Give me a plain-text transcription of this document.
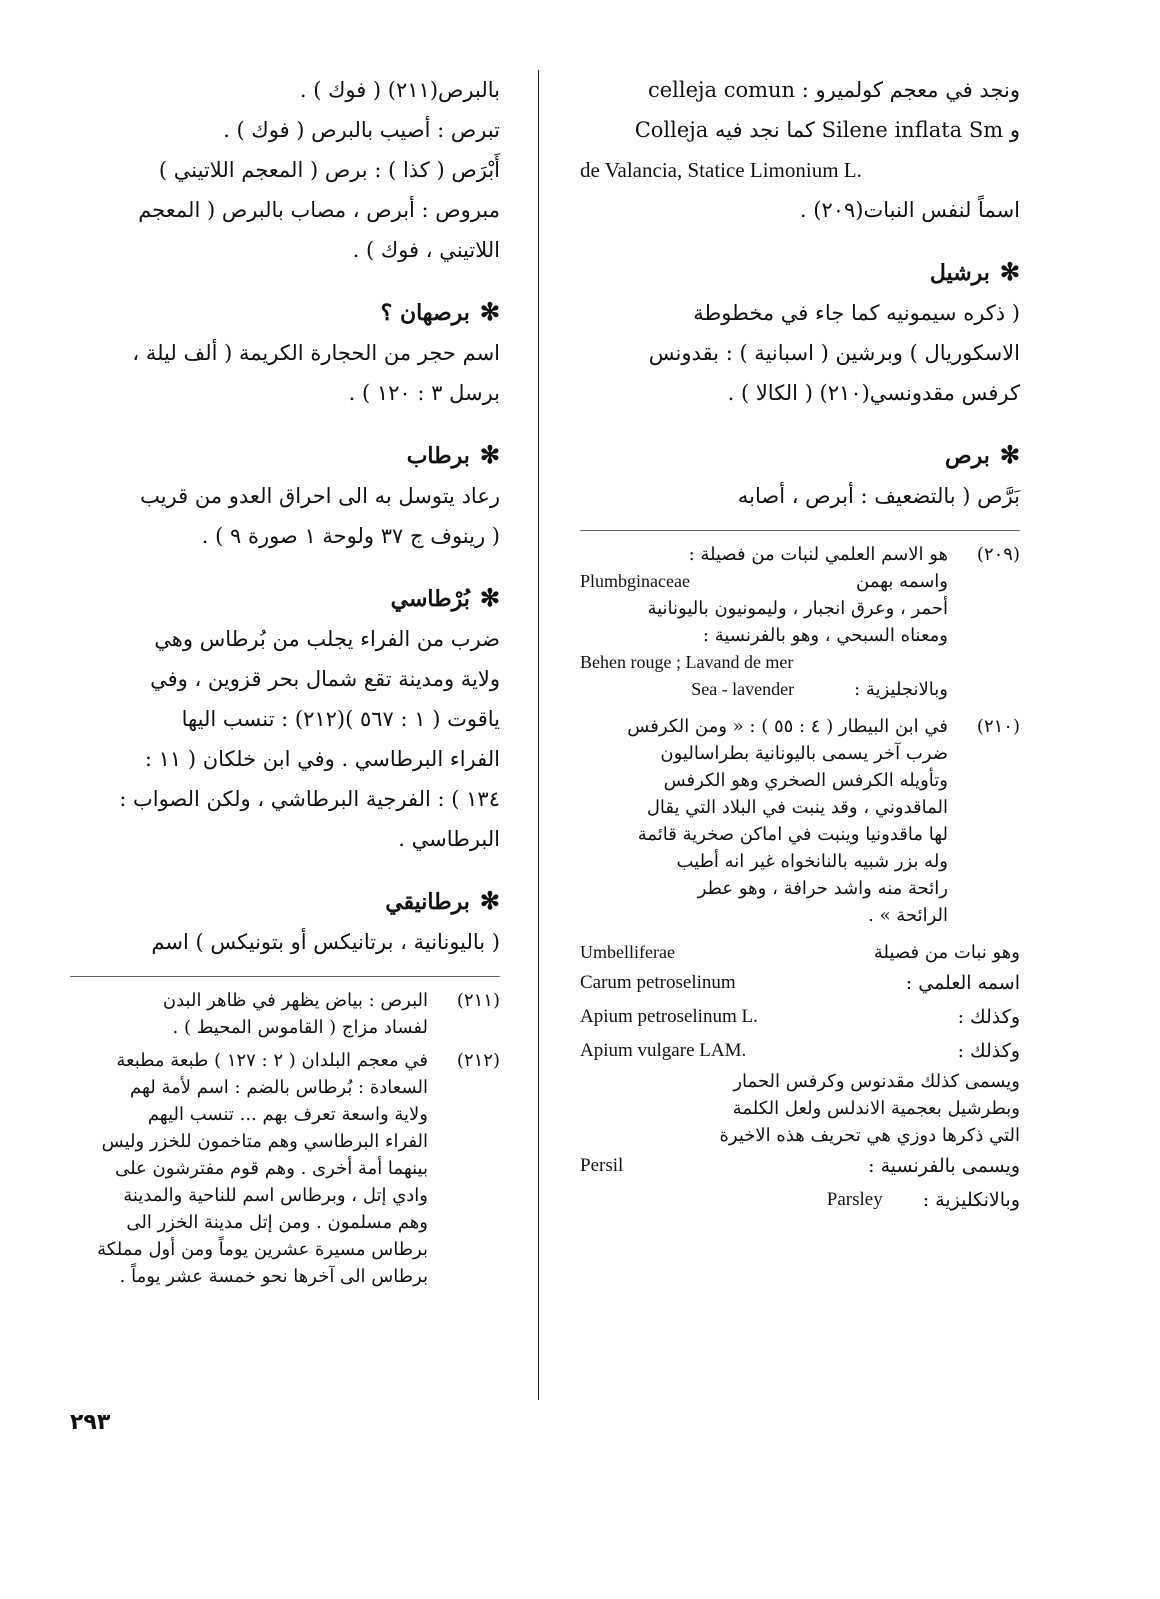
ونجد في معجم كولميرو : celleja comun

و Silene inflata Sm كما نجد فيه Colleja

de Valancia, Statice Limonium L.

اسماً لنفس النبات(٢٠٩) .

✻برشيل

( ذكره سيمونيه كما جاء في مخطوطة

الاسكوريال ) وبرشين ( اسبانية ) : بقدونس

كرفس مقدونسي(٢١٠) ( الكالا ) .

✻برص

بَرَّص ( بالتضعيف : أبرص ، أصابه

(٢٠٩)هو الاسم العلمي لنبات من فصيلة :

واسمه بهمن
Plumbginaceae

أحمر ، وعرق انجبار ، وليمونيون باليونانية

ومعناه السبحي ، وهو بالفرنسية :

Behen rouge ; Lavand de mer

وبالانجليزية :
Sea - lavender

(٢١٠)في ابن البيطار ( ٤ : ٥٥ ) : « ومن الكرفس

ضرب آخر يسمى باليونانية بطراساليون

وتأويله الكرفس الصخري وهو الكرفس

الماقدوني ، وقد ينبت في البلاد التي يقال

لها ماقدونيا وينبت في اماكن صخرية قائمة

وله بزر شبيه بالنانخواه غير انه أطيب

رائحة منه واشد حرافة ، وهو عطر

الرائحة » .

وهو نبات من فصيلة
Umbelliferae

اسمه العلمي :
Carum petroselinum
وكذلك :
Apium petroselinum L.
وكذلك :
Apium vulgare LAM.

ويسمى كذلك مقدنوس وكرفس الحمار

وبطرشيل بعجمية الاندلس ولعل الكلمة

التي ذكرها دوزي هي تحريف هذه الاخيرة

ويسمى بالفرنسية :
Persil
وبالانكليزية :
Parsley

بالبرص(٢١١) ( فوك ) .

تبرص : أصيب بالبرص ( فوك ) .

أَبْرَص ( كذا ) : برص ( المعجم اللاتيني )

مبروص : أبرص ، مصاب بالبرص ( المعجم

اللاتيني ، فوك ) .

✻برصهان ؟

اسم حجر من الحجارة الكريمة ( ألف ليلة ،

برسل ٣ : ١٢٠ ) .

✻برطاب

رعاد يتوسل به الى احراق العدو من قريب

( رينوف ج ٣٧ ولوحة ١ صورة ٩ ) .

✻بُرْطاسي

ضرب من الفراء يجلب من بُرطاس وهي

ولاية ومدينة تقع شمال بحر قزوين ، وفي

ياقوت ( ١ : ٥٦٧ )(٢١٢) : تنسب اليها

الفراء البرطاسي . وفي ابن خلكان ( ١١ :

١٣٤ ) : الفرجية البرطاشي ، ولكن الصواب :

البرطاسي .

✻برطانيقي

( باليونانية ، برتانيكس أو بتونيكس ) اسم

(٢١١)البرص : بياض يظهر في ظاهر البدن

لفساد مزاج ( القاموس المحيط ) .

(٢١٢)في معجم البلدان ( ٢ : ١٢٧ ) طبعة مطبعة

السعادة : بُرطاس بالضم : اسم لأمة لهم

ولاية واسعة تعرف بهم ... تنسب اليهم

الفراء البرطاسي وهم متاخمون للخزر وليس

بينهما أمة أخرى . وهم قوم مفترشون على

وادي إتل ، وبرطاس اسم للناحية والمدينة

وهم مسلمون . ومن إتل مدينة الخزر الى

برطاس مسيرة عشرين يوماً ومن أول مملكة

برطاس الى آخرها نحو خمسة عشر يوماً .

٢٩٣
